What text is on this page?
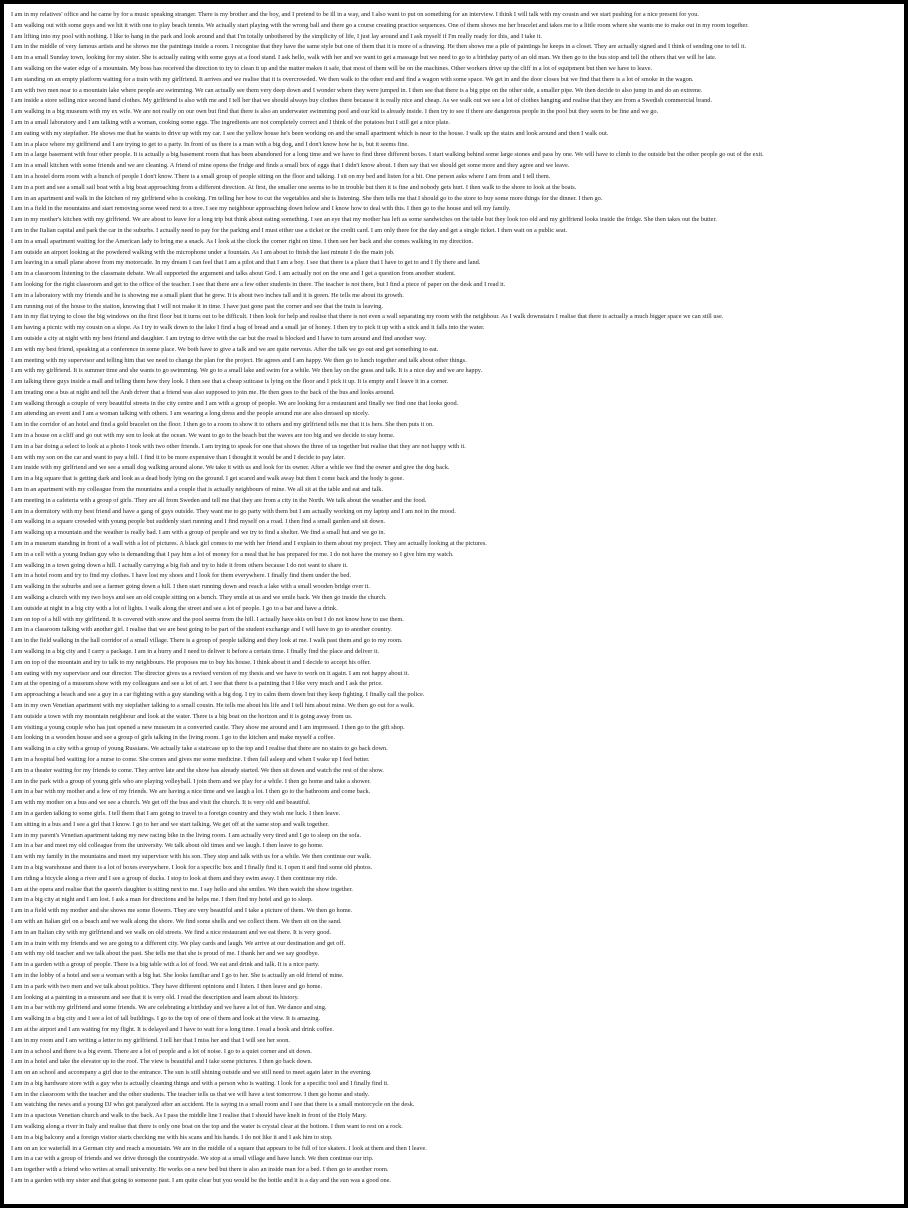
I am in my relatives' office and he came by for a music speaking stranger. There is my brother and the boy, and I pretend to be ill in a way, and I also want to put on something for an interview. I think I will talk with my cousin and we start pushing for a nice present for you.
I am walking out with some guys and we hit it with one to play beach tennis. We actually start playing with the wrong ball and there go a course creating practice sequences. One of them shows me her bracelet and takes me to a little room where she wants me to make out in my room together.
I am lifting into my pool with nothing. I like to hang in the park and look around and that I'm totally unbothered by the simplicity of life, I just lay around and I ask myself if I'm really ready for this, and I take it.
I am in the middle of very famous artists and he shows me the paintings inside a room. I recognise that they have the same style but one of them that it is more of a drawing. He then shows me a pile of paintings he keeps in a closet. They are actually signed and I think of sending one to tell it.
I am in a small Sunday town, looking for my sister. She is actually eating with some guys at a food stand. I ask hello, walk with her and we want to get a massage but we need to go to a birthday party of an old man. We then go to the bus stop and tell the others that we will be late.
I am walking on the water edge of a mountain. My boss has received the direction to try to clean it up and the matter makes it safe, that most of them will be on the machines. Other workers drive up the cliff in a lot of equipment but then we have to leave.
I am standing on an empty platform waiting for a train with my girlfriend. It arrives and we realise that it is overcrowded. We then walk to the other end and find a wagon with some space. We get in and the door closes but we find that there is a lot of smoke in the wagon.
I am with two men near to a mountain lake where people are swimming. We can actually see them very deep down and I wonder where they were jumped in. I then see that there is a big pipe on the other side, a smaller pipe. We then decide to also jump in and do an extreme.
I am inside a store selling nice second hand clothes. My girlfriend is also with me and I tell her that we should always buy clothes there because it is really nice and cheap. As we walk out we see a lot of clothes hanging and realise that they are from a Swedish commercial brand.
I am walking in a big museum with my ex wife. We are not really on our own but find that there is also an underwater swimming pool and our kid is already inside. I then try to see if there are dangerous people in the pool but they seem to be fine and we go.
I am in a small laboratory and I am talking with a woman, cooking some eggs. The ingredients are not completely correct and I think of the potatoes but I still get a nice plate.
I am eating with my stepfather. He shows me that he wants to drive up with my car. I see the yellow house he's been working on and the small apartment which is near to the house. I walk up the stairs and look around and then I walk out.
I am in a place where my girlfriend and I are trying to get to a party. In front of us there is a man with a big dog, and I don't know how he is, but it seems fine.
I am in a large basement with four other people. It is actually a big basement room that has been abandoned for a long time and we have to find three different boxes. I start walking behind some large stones and pass by one. We will have to climb to the outside but the other people go out of the exit.
I am in a small kitchen with some friends and we are cleaning. A friend of mine opens the fridge and finds a small box of eggs that I didn't know about. I then say that we should get some more and they agree and we leave.
I am in a hostel dorm room with a bunch of people I don't know. There is a small group of people sitting on the floor and talking. I sit on my bed and listen for a bit. One person asks where I am from and I tell them.
I am in a port and see a small sail boat with a big boat approaching from a different direction. At first, the smaller one seems to be in trouble but then it is fine and nobody gets hurt. I then walk to the shore to look at the boats.
I am in an apartment and walk in the kitchen of my girlfriend who is cooking. I'm telling her how to cut the vegetables and she is listening. She then tells me that I should go to the store to buy some more things for the dinner. I then go.
I am in a field in the mountains and start removing some weed next to a tree. I see my neighbour approaching down below and I know how to deal with this. I then go to the house and tell my family.
I am in my mother's kitchen with my girlfriend. We are about to leave for a long trip but think about eating something. I see an eye that my mother has left as some sandwiches on the table but they look too old and my girlfriend looks inside the fridge. She then takes out the butter.
I am in the Italian capital and park the car in the suburbs. I actually need to pay for the parking and I must either use a ticket or the credit card. I am only there for the day and get a single ticket. I then wait on a public seat.
I am in a small apartment waiting for the American lady to bring me a snack. As I look at the clock the corner right on time. I then see her back and she comes walking in my direction.
I am outside an airport looking at the powdered walking with the microphone under a fountain. As I am about to finish the last minute I do the main job.
I am leaving in a small plane above from my motorcade. In my dream I can feel that I am a pilot and that I am a boy. I see that there is a place that I have to get to and I fly there and land.
I am in a classroom listening to the classmate debate. We all supported the argument and talks about God. I am actually not on the one and I get a question from another student.
I am looking for the right classroom and get to the office of the teacher. I see that there are a few other students in there. The teacher is not there, but I find a piece of paper on the desk and I read it.
I am in a laboratory with my friends and he is showing me a small plant that he grew. It is about two inches tall and it is green. He tells me about its growth.
I am running out of the house to the station, knowing that I will not make it in time. I have just gone past the corner and see that the train is leaving.
I am in my flat trying to close the big windows on the first floor but it turns out to be difficult. I then look for help and realise that there is not even a wall separating my room with the neighbour. As I walk downstairs I realise that there is actually a much bigger space we can still use.
I am having a picnic with my cousin on a slope. As I try to walk down to the lake I find a bag of bread and a small jar of honey. I then try to pick it up with a stick and it falls into the water.
I am outside a city at night with my best friend and daughter. I am trying to drive with the car but the road is blocked and I have to turn around and find another way.
I am with my best friend, speaking at a conference in some place. We both have to give a talk and we are quite nervous. After the talk we go out and get something to eat.
I am meeting with my supervisor and telling him that we need to change the plan for the project. He agrees and I am happy. We then go to lunch together and talk about other things.
I am with my girlfriend. It is summer time and she wants to go swimming. We go to a small lake and swim for a while. We then lay on the grass and talk. It is a nice day and we are happy.
I am talking three guys inside a mall and telling them how they look. I then see that a cheap suitcase is lying on the floor and I pick it up. It is empty and I leave it in a corner.
I am treating one a bus at night and tell the Arab driver that a friend was also supposed to join me. He then goes to the back of the bus and looks around.
I am walking through a couple of very beautiful streets in the city centre and I am with a group of people. We are looking for a restaurant and finally we find one that looks good.
I am attending an event and I am a woman talking with others. I am wearing a long dress and the people around me are also dressed up nicely.
I am in the corridor of an hotel and find a gold bracelet on the floor. I then go to a room to show it to others and my girlfriend tells me that it is hers. She then puts it on.
I am in a house on a cliff and go out with my son to look at the ocean. We want to go to the beach but the waves are too big and we decide to stay home.
I am in a bar doing a select to look at a photo I took with two other friends. I am trying to speak for one that shows the three of us together but realise that they are not happy with it.
I am with my son on the car and want to pay a bill. I find it to be more expensive than I thought it would be and I decide to pay later.
I am inside with my girlfriend and we see a small dog walking around alone. We take it with us and look for its owner. After a while we find the owner and give the dog back.
I am in a big square that is getting dark and look as a dead body lying on the ground. I get scared and walk away but then I come back and the body is gone.
I am in an apartment with my colleague from the mountains and a couple that is actually neighbours of mine. We all sit at the table and eat and talk.
I am meeting in a cafeteria with a group of girls. They are all from Sweden and tell me that they are from a city in the North. We talk about the weather and the food.
I am in a dormitory with my best friend and have a gang of guys outside. They want me to go party with them but I am actually working on my laptop and I am not in the mood.
I am walking in a square crowded with young people but suddenly start running and I find myself on a road. I then find a small garden and sit down.
I am walking up a mountain and the weather is really bad. I am with a group of people and we try to find a shelter. We find a small hut and we go in.
I am in a museum standing in front of a wall with a lot of pictures. A black girl comes to me with her friend and I explain to them about my project. They are actually looking at the pictures.
I am in a cell with a young Indian guy who is demanding that I pay him a lot of money for a meal that he has prepared for me. I do not have the money so I give him my watch.
I am walking in a town going down a hill. I actually carrying a big fish and try to hide it from others because I do not want to share it.
I am in a hotel room and try to find my clothes. I have lost my shoes and I look for them everywhere. I finally find them under the bed.
I am walking in the suburbs and see a farmer going down a hill. I then start running down and reach a lake with a small wooden bridge over it.
I am walking a church with my two boys and see an old couple sitting on a bench. They smile at us and we smile back. We then go inside the church.
I am outside at night in a big city with a lot of lights. I walk along the street and see a lot of people. I go to a bar and have a drink.
I am on top of a hill with my girlfriend. It is covered with snow and the pool seems from the hill. I actually have skis on but I do not know how to use them.
I am in a classroom talking with another girl. I realise that we are best going to be part of the student exchange and I will have to go to another country.
I am in the field walking in the hall corridor of a small village. There is a group of people talking and they look at me. I walk past them and go to my room.
I am walking in a big city and I carry a package. I am in a hurry and I need to deliver it before a certain time. I finally find the place and deliver it.
I am on top of the mountain and try to talk to my neighbours. He proposes me to buy his house. I think about it and I decide to accept his offer.
I am eating with my supervisor and our director. The director gives us a revised version of my thesis and we have to work on it again. I am not happy about it.
I am at the opening of a museum show with my colleagues and see a lot of art. I see that there is a painting that I like very much and I ask the price.
I am approaching a beach and see a guy in a car fighting with a guy standing with a big dog. I try to calm them down but they keep fighting. I finally call the police.
I am in my own Venetian apartment with my stepfather talking to a small cousin. He tells me about his life and I tell him about mine. We then go out for a walk.
I am outside a town with my mountain neighbour and look at the water. There is a big boat on the horizon and it is going away from us.
I am visiting a young couple who has just opened a new museum in a converted castle. They show me around and I am impressed. I then go to the gift shop.
I am looking in a wooden house and see a group of girls talking in the living room. I go to the kitchen and make myself a coffee.
I am walking in a city with a group of young Russians. We actually take a staircase up to the top and I realise that there are no stairs to go back down.
I am in a hospital bed waiting for a nurse to come. She comes and gives me some medicine. I then fall asleep and when I wake up I feel better.
I am in a theater waiting for my friends to come. They arrive late and the show has already started. We then sit down and watch the rest of the show.
I am in the park with a group of young girls who are playing volleyball. I join them and we play for a while. I then go home and take a shower.
I am in a bar with my mother and a few of my friends. We are having a nice time and we laugh a lot. I then go to the bathroom and come back.
I am with my mother on a bus and we see a church. We get off the bus and visit the church. It is very old and beautiful.
I am in a garden talking to some girls. I tell them that I am going to travel to a foreign country and they wish me luck. I then leave.
I am sitting in a bus and I see a girl that I know. I go to her and we start talking. We get off at the same stop and walk together.
I am in my parent's Venetian apartment taking my new racing bike in the living room. I am actually very tired and I go to sleep on the sofa.
I am in a bar and meet my old colleague from the university. We talk about old times and we laugh. I then leave to go home.
I am with my family in the mountains and meet my supervisor with his son. They stop and talk with us for a while. We then continue our walk.
I am in a big warehouse and there is a lot of boxes everywhere. I look for a specific box and I finally find it. I open it and find some old photos.
I am riding a bicycle along a river and I see a group of ducks. I stop to look at them and they swim away. I then continue my ride.
I am at the opera and realise that the queen's daughter is sitting next to me. I say hello and she smiles. We then watch the show together.
I am in a big city at night and I am lost. I ask a man for directions and he helps me. I then find my hotel and go to sleep.
I am in a field with my mother and she shows me some flowers. They are very beautiful and I take a picture of them. We then go home.
I am with an Italian girl on a beach and we walk along the shore. We find some shells and we collect them. We then sit on the sand.
I am in an Italian city with my girlfriend and we walk on old streets. We find a nice restaurant and we eat there. It is very good.
I am in a train with my friends and we are going to a different city. We play cards and laugh. We arrive at our destination and get off.
I am with my old teacher and we talk about the past. She tells me that she is proud of me. I thank her and we say goodbye.
I am in a garden with a group of people. There is a big table with a lot of food. We eat and drink and talk. It is a nice party.
I am in the lobby of a hotel and see a woman with a big hat. She looks familiar and I go to her. She is actually an old friend of mine.
I am in a park with two men and we talk about politics. They have different opinions and I listen. I then leave and go home.
I am looking at a painting in a museum and see that it is very old. I read the description and learn about its history.
I am in a bar with my girlfriend and some friends. We are celebrating a birthday and we have a lot of fun. We dance and sing.
I am walking in a big city and I see a lot of tall buildings. I go to the top of one of them and look at the view. It is amazing.
I am at the airport and I am waiting for my flight. It is delayed and I have to wait for a long time. I read a book and drink coffee.
I am in my room and I am writing a letter to my girlfriend. I tell her that I miss her and that I will see her soon.
I am in a school and there is a big event. There are a lot of people and a lot of noise. I go to a quiet corner and sit down.
I am in a hotel and take the elevator up to the roof. The view is beautiful and I take some pictures. I then go back down.
I am on an school and accompany a girl due to the entrance. The sun is still shining outside and we still need to meet again later in the evening.
I am in a big hardware store with a guy who is actually cleaning things and with a person who is waiting. I look for a specific tool and I finally find it.
I am in the classroom with the teacher and the other students. The teacher tells us that we will have a test tomorrow. I then go home and study.
I am watching the news and a young DJ who got paralyzed after an accident. He is saying in a small room and I see that there is a small motorcycle on the desk.
I am in a spacious Venetian church and walk to the back. As I pass the middle line I realise that I should have knelt in front of the Holy Mary.
I am walking along a river in Italy and realise that there is only one boat on the top and the water is crystal clear at the bottom. I then want to rest on a rock.
I am in a big balcony and a foreign visitor starts checking me with his scans and his hands. I do not like it and I ask him to stop.
I am on an ice waterfall in a German city and reach a mountain. We are in the middle of a square that appears to be full of ice skaters. I look at them and then I leave.
I am in a car with a group of friends and we drive through the countryside. We stop at a small village and have lunch. We then continue our trip.
I am together with a friend who writes at small university. He works on a new bed but there is also an inside man for a bed. I then go to another room.
I am in a garden with my sister and that going to someone past. I am quite clear but you would be the bottle and it is a day and the sun was a good one.
